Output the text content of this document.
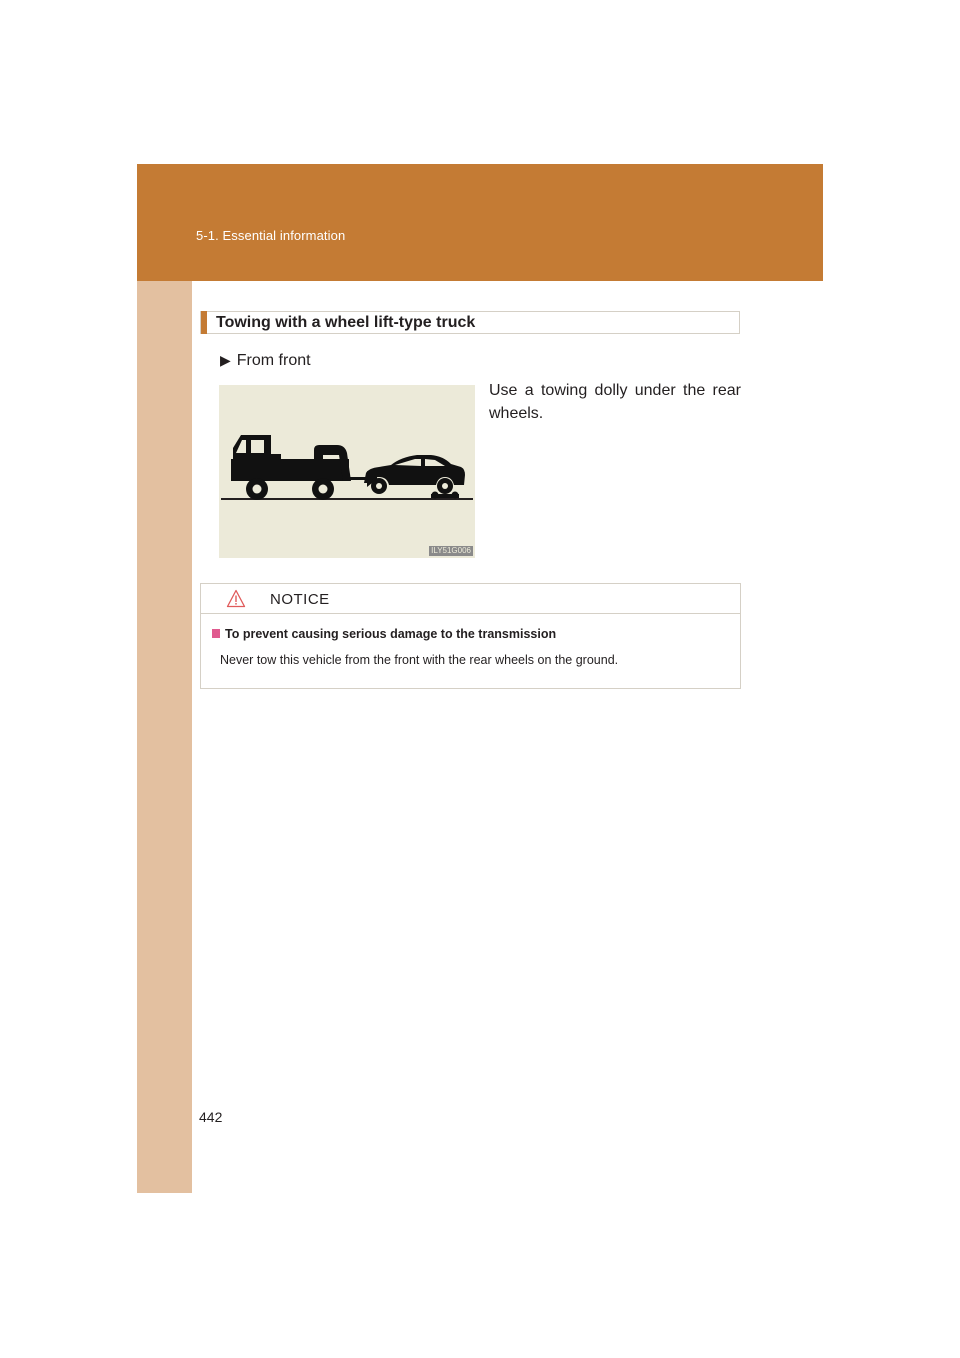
5-1. Essential information
Towing with a wheel lift-type truck
▶ From front
ILY51G006
Use a towing dolly under the rear wheels.
NOTICE
To prevent causing serious damage to the transmission
Never tow this vehicle from the front with the rear wheels on the ground.
442
